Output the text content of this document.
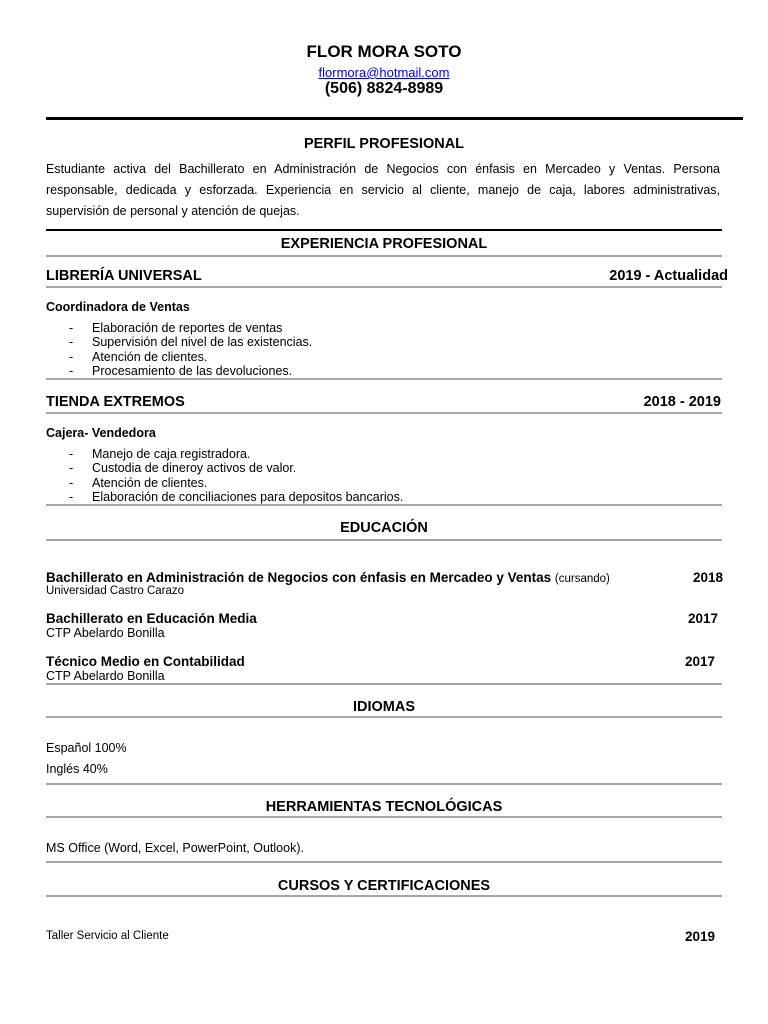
FLOR MORA SOTO
flormora@hotmail.com
(506) 8824-8989
PERFIL PROFESIONAL
Estudiante activa del Bachillerato en Administración de Negocios con énfasis en Mercadeo y Ventas. Persona responsable, dedicada y esforzada. Experiencia en servicio al cliente, manejo de caja, labores administrativas, supervisión de personal y atención de quejas.
EXPERIENCIA PROFESIONAL
LIBRERÍA UNIVERSAL	2019 - Actualidad
Coordinadora de Ventas
- Elaboración de reportes de ventas
- Supervisión del nivel de las existencias.
- Atención de clientes.
- Procesamiento de las devoluciones.
TIENDA EXTREMOS	2018 - 2019
Cajera- Vendedora
- Manejo de caja registradora.
- Custodia de dineroy activos de valor.
- Atención de clientes.
- Elaboración de conciliaciones para depositos bancarios.
EDUCACIÓN
Bachillerato en Administración de Negocios con énfasis en Mercadeo y Ventas (cursando)	2018
Universidad Castro Carazo
Bachillerato en Educación Media	2017
CTP Abelardo Bonilla
Técnico Medio en Contabilidad	2017
CTP Abelardo Bonilla
IDIOMAS
Español 100%
Inglés 40%
HERRAMIENTAS TECNOLÓGICAS
MS Office (Word, Excel, PowerPoint, Outlook).
CURSOS Y CERTIFICACIONES
Taller Servicio al Cliente	2019
